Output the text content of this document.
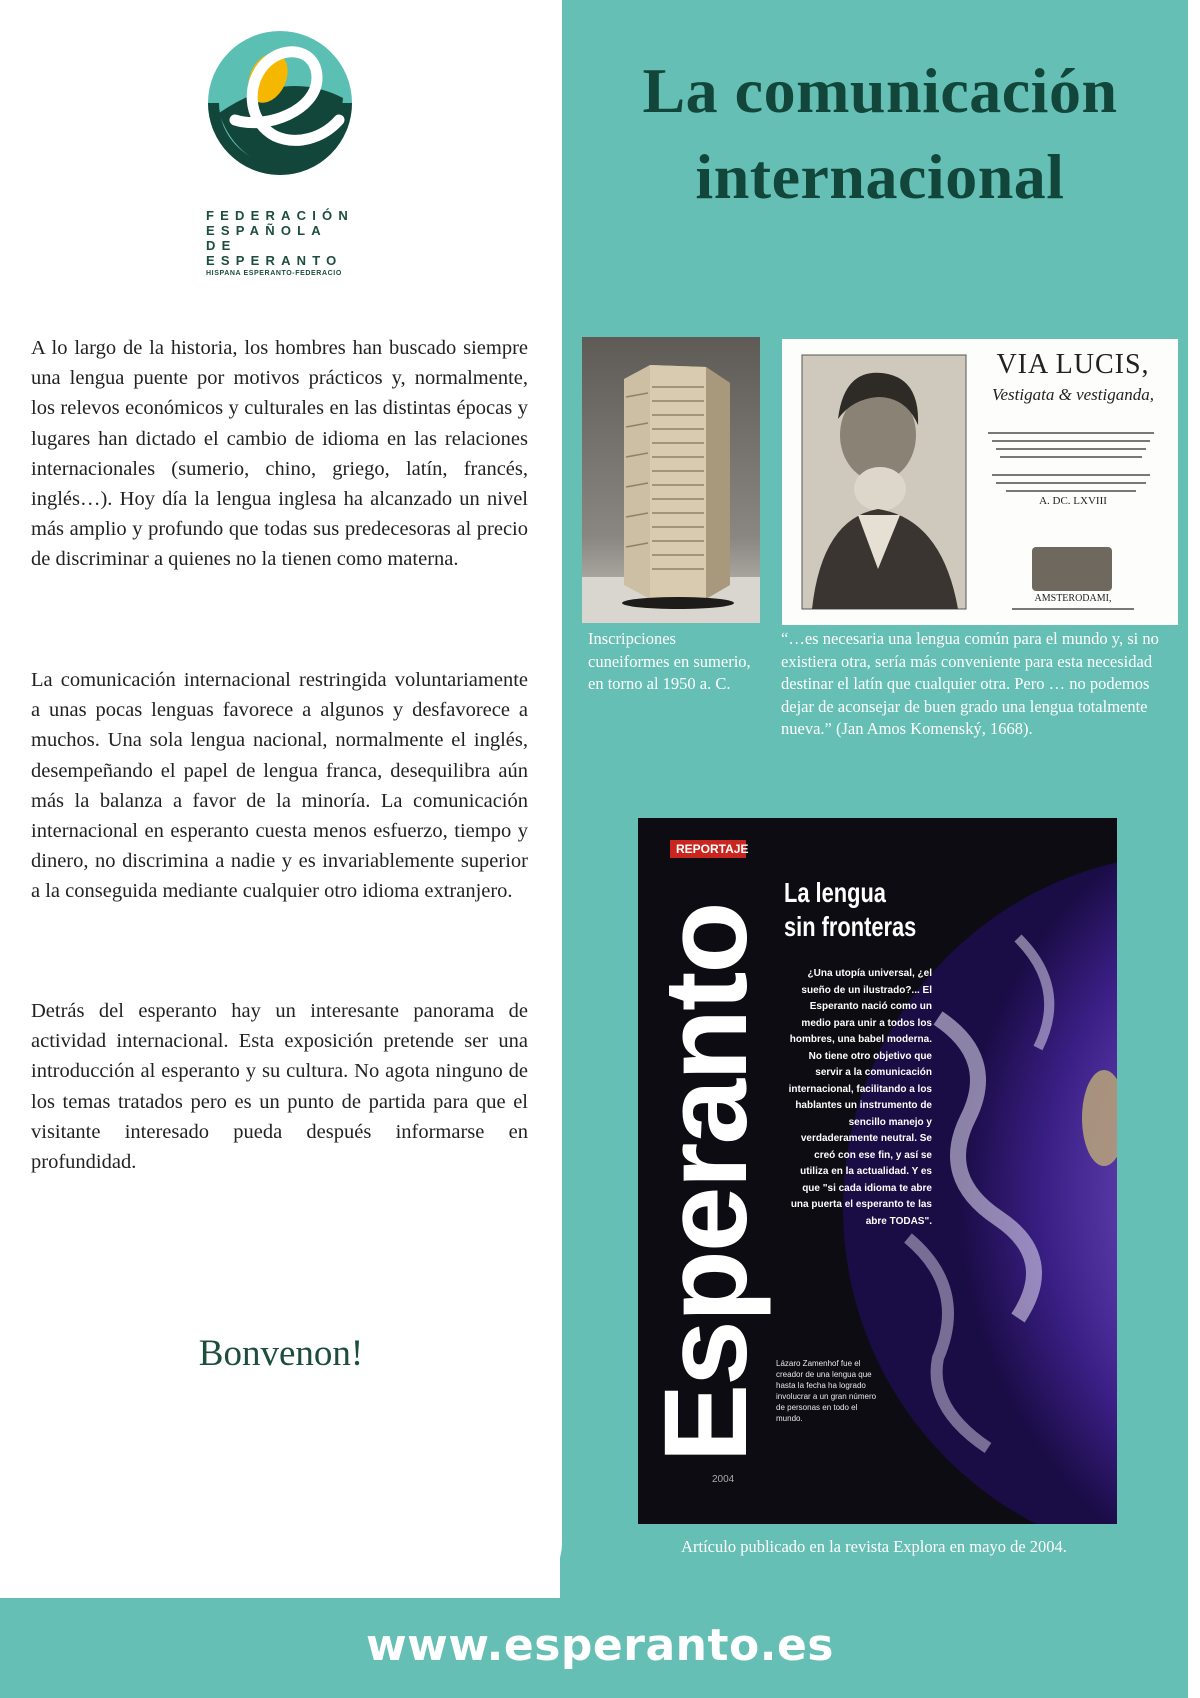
FEDERACIÓN
ESPAÑOLA
DE ESPERANTO
HISPANA ESPERANTO-FEDERACIO
La comunicación
internacional

A lo largo de la historia, los hombres han buscado siempre una lengua puente por motivos prácticos y, normalmente, los relevos económicos y culturales en las distintas épocas y lugares han dictado el cambio de idioma en las relaciones internacionales (sumerio, chino, griego, latín, francés, inglés…). Hoy día la lengua inglesa ha alcanzado un nivel más amplio y profundo que todas sus predecesoras al precio de discriminar a quienes no la tienen como materna.

La comunicación internacional restringida voluntariamente a unas pocas lenguas favorece a algunos y desfavorece a muchos. Una sola lengua nacional, normalmente el inglés, desempeñando el papel de lengua franca, desequilibra aún más la balanza a favor de la minoría. La comunicación internacional en esperanto cuesta menos esfuerzo, tiempo y dinero, no discrimina a nadie y es invariablemente superior a la conseguida mediante cualquier otro idioma extranjero.

Detrás del esperanto hay un interesante panorama de actividad internacional. Esta exposición pretende ser una introducción al esperanto y su cultura. No agota ninguno de los temas tratados pero es un punto de partida para que el visitante interesado pueda después informarse en profundidad.

Bonvenon!
VIA LUCIS,
Vestigata & vestiganda,
A. DC. LXVIII
AMSTERODAMI,

Inscripciones cuneiformes en sumerio, en torno al 1950 a. C.

“…es necesaria una lengua común para el mundo y, si no existiera otra, sería más conveniente para esta necesidad destinar el latín que cualquier otra. Pero … no podemos dejar de aconsejar de buen grado una lengua totalmente nueva.” (Jan Amos Komenský, 1668).

REPORTAJE
La lengua
sin fronteras
Esperanto	¿Una utopía universal, ¿el sueño de un ilustrado?... El Esperanto nació como un medio para unir a todos los hombres, una babel moderna. No tiene otro objetivo que servir a la comunicación internacional, facilitando a los hablantes un instrumento de sencillo manejo y verdaderamente neutral. Se creó con ese fin, y así se utiliza en la actualidad. Y es que "si cada idioma te abre una puerta el esperanto te las abre TODAS".
Lázaro Zamenhof fue el creador de una lengua que hasta la fecha ha logrado involucrar a un gran número de personas en todo el mundo.
2004

Artículo publicado en la revista Explora en mayo de 2004.

www.esperanto.es
